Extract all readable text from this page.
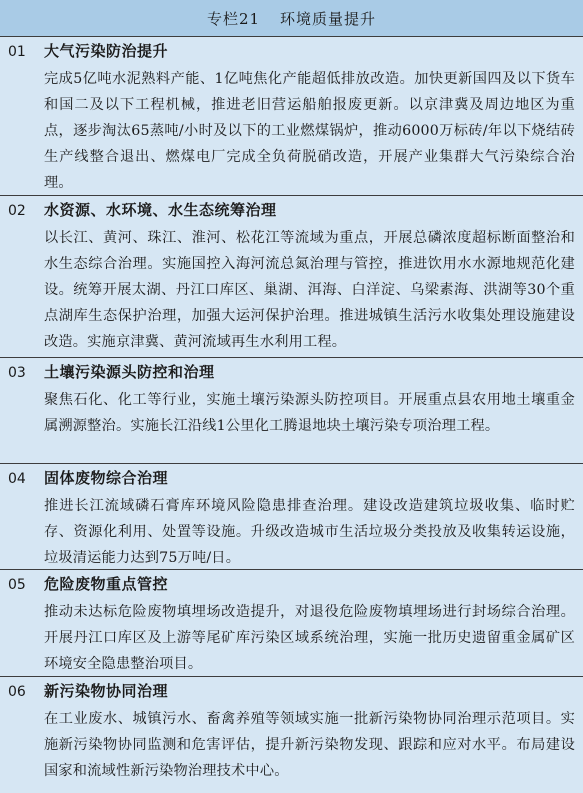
专栏21 环境质量提升
01	大气污染防治提升
完成5亿吨水泥熟料产能、1亿吨焦化产能超低排放改造。加快更新国四及以下货车和国二及以下工程机械，推进老旧营运船舶报废更新。以京津冀及周边地区为重点，逐步淘汰65蒸吨/小时及以下的工业燃煤锅炉，推动6000万标砖/年以下烧结砖生产线整合退出、燃煤电厂完成全负荷脱硝改造，开展产业集群大气污染综合治理。
02	水资源、水环境、水生态统筹治理
以长江、黄河、珠江、淮河、松花江等流域为重点，开展总磷浓度超标断面整治和水生态综合治理。实施国控入海河流总氮治理与管控，推进饮用水水源地规范化建设。统筹开展太湖、丹江口库区、巢湖、洱海、白洋淀、乌梁素海、洪湖等30个重点湖库生态保护治理，加强大运河保护治理。推进城镇生活污水收集处理设施建设改造。实施京津冀、黄河流域再生水利用工程。
03	土壤污染源头防控和治理
聚焦石化、化工等行业，实施土壤污染源头防控项目。开展重点县农用地土壤重金属溯源整治。实施长江沿线1公里化工腾退地块土壤污染专项治理工程。
04	固体废物综合治理
推进长江流域磷石膏库环境风险隐患排查治理。建设改造建筑垃圾收集、临时贮存、资源化利用、处置等设施。升级改造城市生活垃圾分类投放及收集转运设施，垃圾清运能力达到75万吨/日。
05	危险废物重点管控
推动未达标危险废物填埋场改造提升，对退役危险废物填埋场进行封场综合治理。开展丹江口库区及上游等尾矿库污染区域系统治理，实施一批历史遗留重金属矿区环境安全隐患整治项目。
06	新污染物协同治理
在工业废水、城镇污水、畜禽养殖等领域实施一批新污染物协同治理示范项目。实施新污染物协同监测和危害评估，提升新污染物发现、跟踪和应对水平。布局建设国家和流域性新污染物治理技术中心。
